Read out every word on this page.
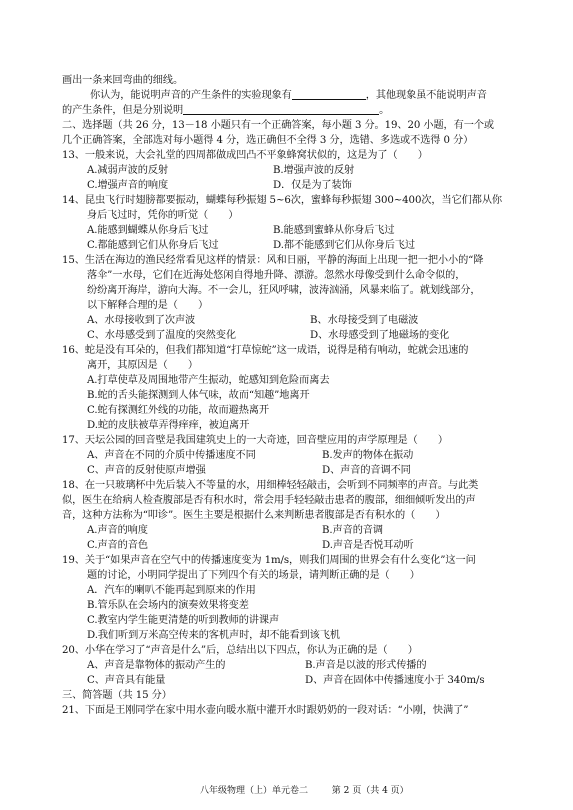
画出一条来回弯曲的细线。
你认为，能说明声音的产生条件的实验现象有	，其他现象虽不能说明声音
的产生条件，但是分别说明	。
二、选择题（共 26 分，13－18 小题只有一个正确答案，每小题 3 分。19、20 小题，有一个或
几个正确答案，全部选对每小题得 4 分，选正确但不全得 3 分，选错、多选或不选得 0 分）
13、一般来说，大会礼堂的四周都做成凹凸不平象蜂窝状似的，这是为了（　　）
A.减弱声波的反射	B.增强声波的反射
C.增强声音的响度	D．仅是为了装饰
14、昆虫飞行时翅膀都要振动，蝴蝶每秒振翅 5~6次，蜜蜂每秒振翅 300~400次，当它们都从你
身后飞过时，凭你的听觉（　　）
A.能感到蝴蝶从你身后飞过	B.能感到蜜蜂从你身后飞过
C.都能感到它们从你身后飞过	D.都不能感到它们从你身后飞过
15、生活在海边的渔民经常看见这样的情景：风和日丽，平静的海面上出现一把一把小小的“降
落伞”一水母，它们在近海处悠闲自得地升降、漂游。忽然水母像受到什么命令似的，
纷纷离开海岸，游向大海。不一会儿，狂风呼啸，波涛汹涌，风暴来临了。就划线部分，
以下解释合理的是（　　）
A、水母接收到了次声波	B、水母接受到了电磁波
C、水母感受到了温度的突然变化	D、水母感受到了地磁场的变化
16、蛇是没有耳朵的，但我们都知道“打草惊蛇”这一成语，说得是稍有响动，蛇就会迅速的
离开，其原因是（　　）
A.打草使草及周围地带产生振动，蛇感知到危险而离去
B.蛇的舌头能探测到人体气味，故而“知趣”地离开
C.蛇有探测红外线的功能，故而避热离开
D.蛇的皮肤被草弄得痒痒，被迫离开
17、天坛公园的回音壁是我国建筑史上的一大奇迹，回音壁应用的声学原理是（　　）
A、声音在不同的介质中传播速度不同	B.发声的物体在振动
C、声音的反射使原声增强	D、声音的音调不同
18、在一只玻璃杯中先后装入不等量的水，用细棒轻轻敲击，会听到不同频率的声音。与此类
似，医生在给病人检查腹部是否有积水时，常会用手轻轻敲击患者的腹部，细细倾听发出的声
音，这种方法称为“叩诊”。医生主要是根据什么来判断患者腹部是否有积水的（　　）
A.声音的响度	B.声音的音调
C.声音的音色	D.声音是否悦耳动听
19、关于“如果声音在空气中的传播速度变为 1m/s，则我们周围的世界会有什么变化”这一问
题的讨论，小明同学提出了下列四个有关的场景，请判断正确的是（　　）
A．汽车的喇叭不能再起到原来的作用
B.管乐队在会场内的演奏效果将变差
C.教室内学生能更清楚的听到教师的讲课声
D.我们听到万米高空传来的客机声时，却不能看到该飞机
20、小华在学习了“声音是什么”后，总结出以下四点，你认为正确的是（　　）
A、声音是靠物体的振动产生的	B.声音是以波的形式传播的
C、声音具有能量	D、声音在固体中传播速度小于 340m/s
三、简答题（共 15 分）
21、下面是王刚同学在家中用水壶向暖水瓶中灌开水时跟奶奶的一段对话：“小刚，快满了”
八年级物理（上）单元卷二	第 2 页（共 4 页）
